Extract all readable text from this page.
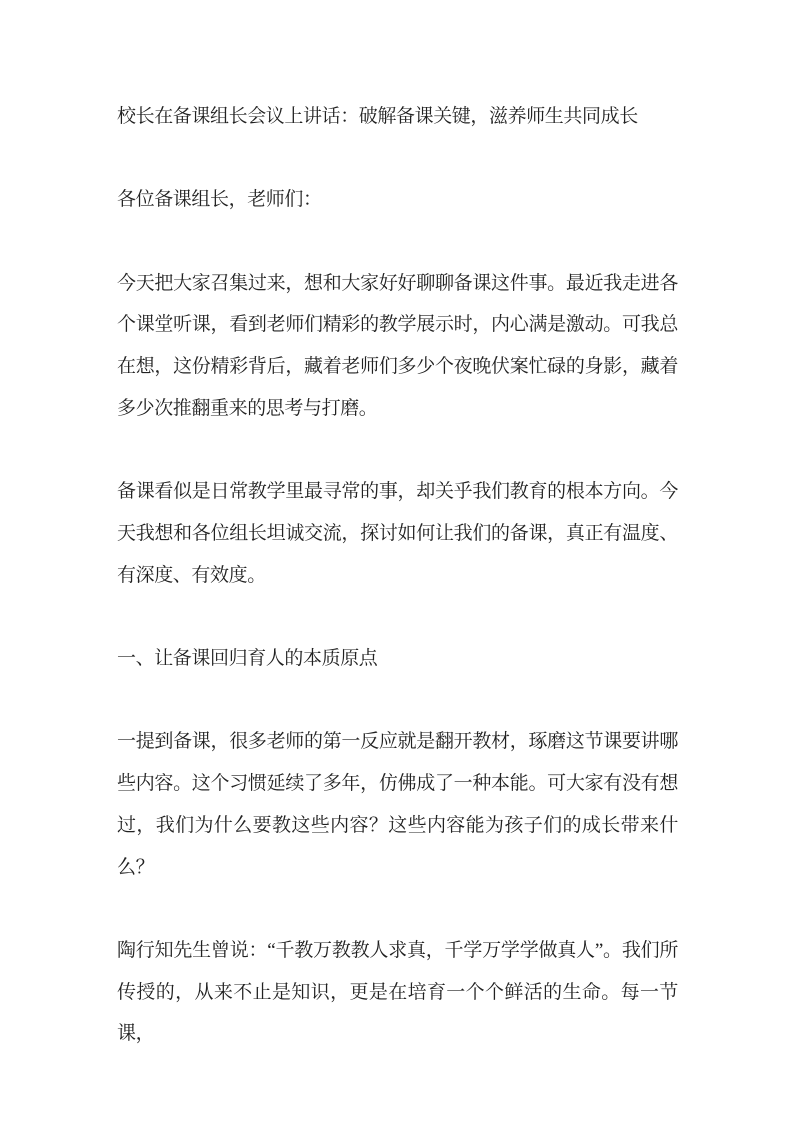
校长在备课组长会议上讲话：破解备课关键，滋养师生共同成长
各位备课组长，老师们：
今天把大家召集过来，想和大家好好聊聊备课这件事。最近我走进各个课堂听课，看到老师们精彩的教学展示时，内心满是激动。可我总在想，这份精彩背后，藏着老师们多少个夜晚伏案忙碌的身影，藏着多少次推翻重来的思考与打磨。
备课看似是日常教学里最寻常的事，却关乎我们教育的根本方向。今天我想和各位组长坦诚交流，探讨如何让我们的备课，真正有温度、有深度、有效度。
一、让备课回归育人的本质原点
一提到备课，很多老师的第一反应就是翻开教材，琢磨这节课要讲哪些内容。这个习惯延续了多年，仿佛成了一种本能。可大家有没有想过，我们为什么要教这些内容？这些内容能为孩子们的成长带来什么？
陶行知先生曾说：“千教万教教人求真，千学万学学做真人”。我们所传授的，从来不止是知识，更是在培育一个个鲜活的生命。每一节课，
